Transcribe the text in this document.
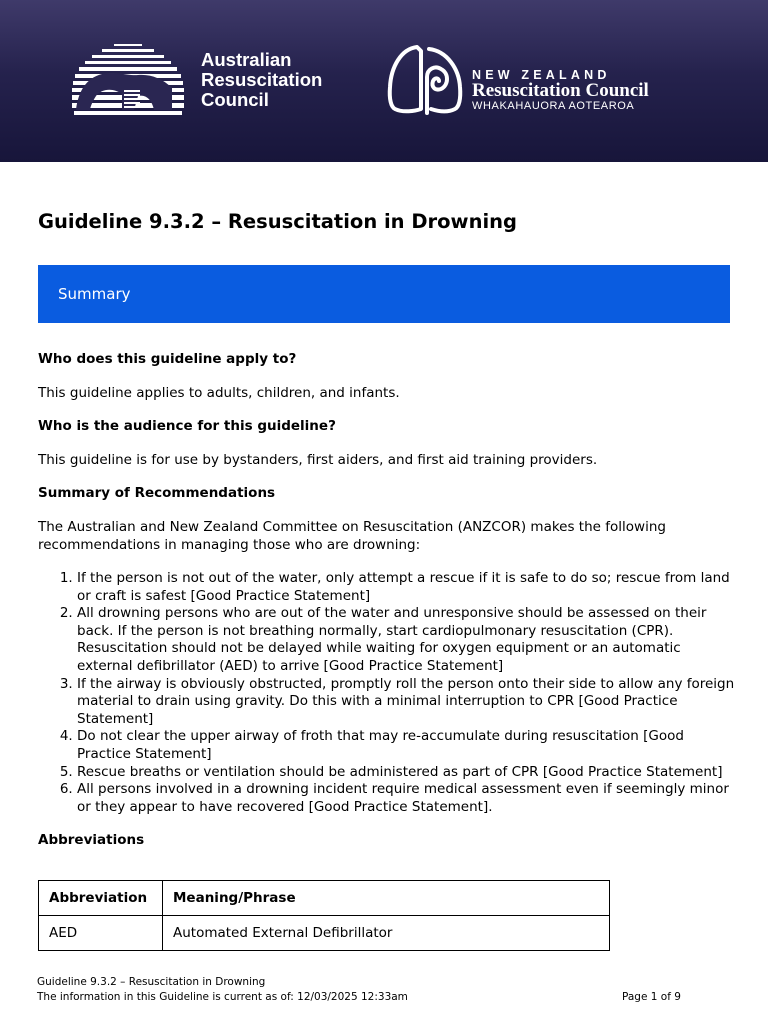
Australian
Resuscitation
Council
NEW ZEALAND
Resuscitation Council
WHAKAHAUORA AOTEAROA
Guideline 9.3.2 – Resuscitation in Drowning
Summary

Who does this guideline apply to?

This guideline applies to adults, children, and infants.

Who is the audience for this guideline?

This guideline is for use by bystanders, first aiders, and first aid training providers.

Summary of Recommendations

The Australian and New Zealand Committee on Resuscitation (ANZCOR) makes the following recommendations in managing those who are drowning:

1. If the person is not out of the water, only attempt a rescue if it is safe to do so; rescue from land or craft is safest [Good Practice Statement]
2. All drowning persons who are out of the water and unresponsive should be assessed on their back. If the person is not breathing normally, start cardiopulmonary resuscitation (CPR). Resuscitation should not be delayed while waiting for oxygen equipment or an automatic external defibrillator (AED) to arrive [Good Practice Statement]
3. If the airway is obviously obstructed, promptly roll the person onto their side to allow any foreign material to drain using gravity. Do this with a minimal interruption to CPR [Good Practice Statement]
4. Do not clear the upper airway of froth that may re-accumulate during resuscitation [Good Practice Statement]
5. Rescue breaths or ventilation should be administered as part of CPR [Good Practice Statement]
6. All persons involved in a drowning incident require medical assessment even if seemingly minor or they appear to have recovered [Good Practice Statement].

Abbreviations

Abbreviation	Meaning/Phrase
AED	Automated External Defibrillator
Guideline 9.3.2 – Resuscitation in Drowning
The information in this Guideline is current as of: 12/03/2025 12:33am	Page 1 of 9
